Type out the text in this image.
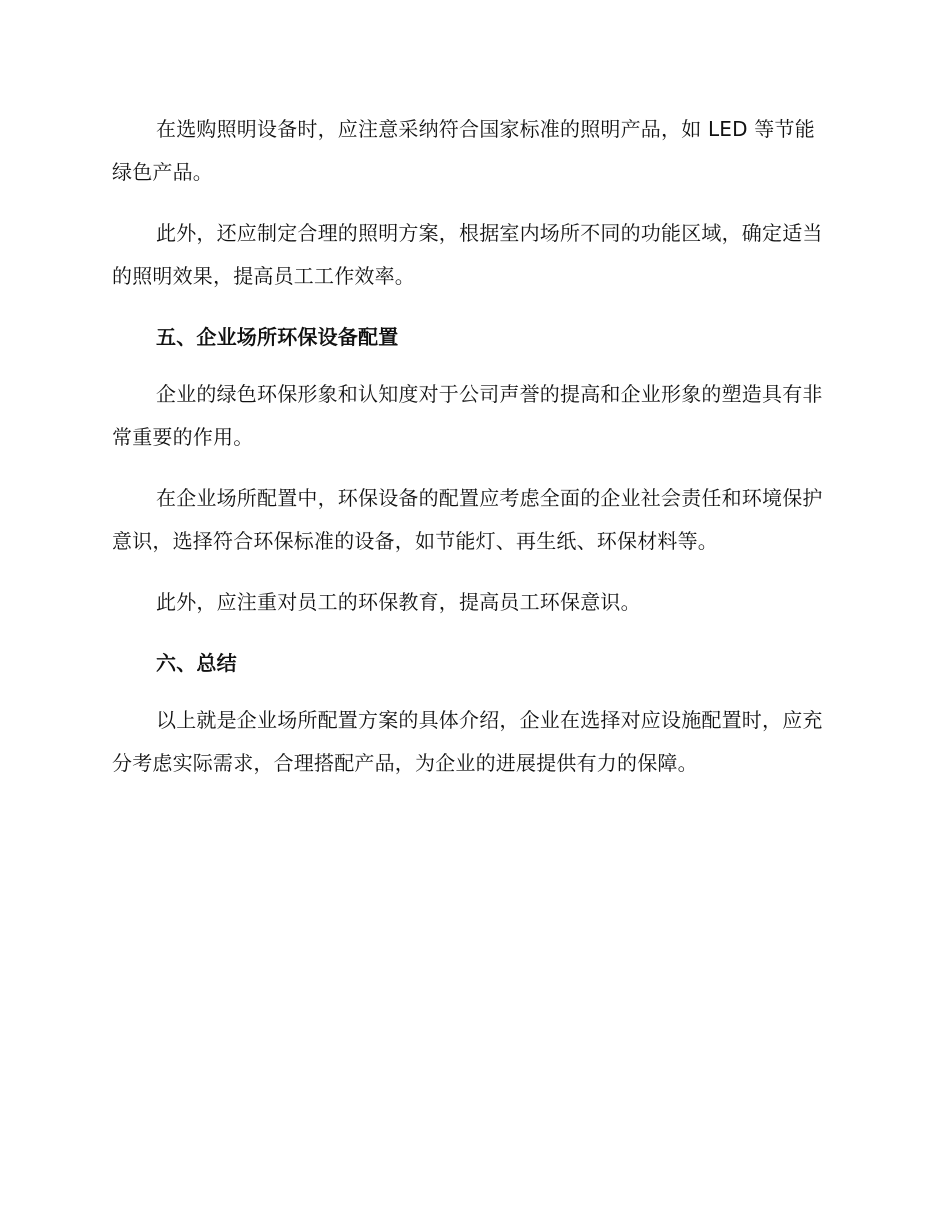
在选购照明设备时，应注意采纳符合国家标准的照明产品，如 LED 等节能绿色产品。

此外，还应制定合理的照明方案，根据室内场所不同的功能区域，确定适当的照明效果，提高员工工作效率。

五、企业场所环保设备配置

企业的绿色环保形象和认知度对于公司声誉的提高和企业形象的塑造具有非常重要的作用。

在企业场所配置中，环保设备的配置应考虑全面的企业社会责任和环境保护意识，选择符合环保标准的设备，如节能灯、再生纸、环保材料等。

此外，应注重对员工的环保教育，提高员工环保意识。

六、总结

以上就是企业场所配置方案的具体介绍，企业在选择对应设施配置时，应充分考虑实际需求，合理搭配产品，为企业的进展提供有力的保障。
